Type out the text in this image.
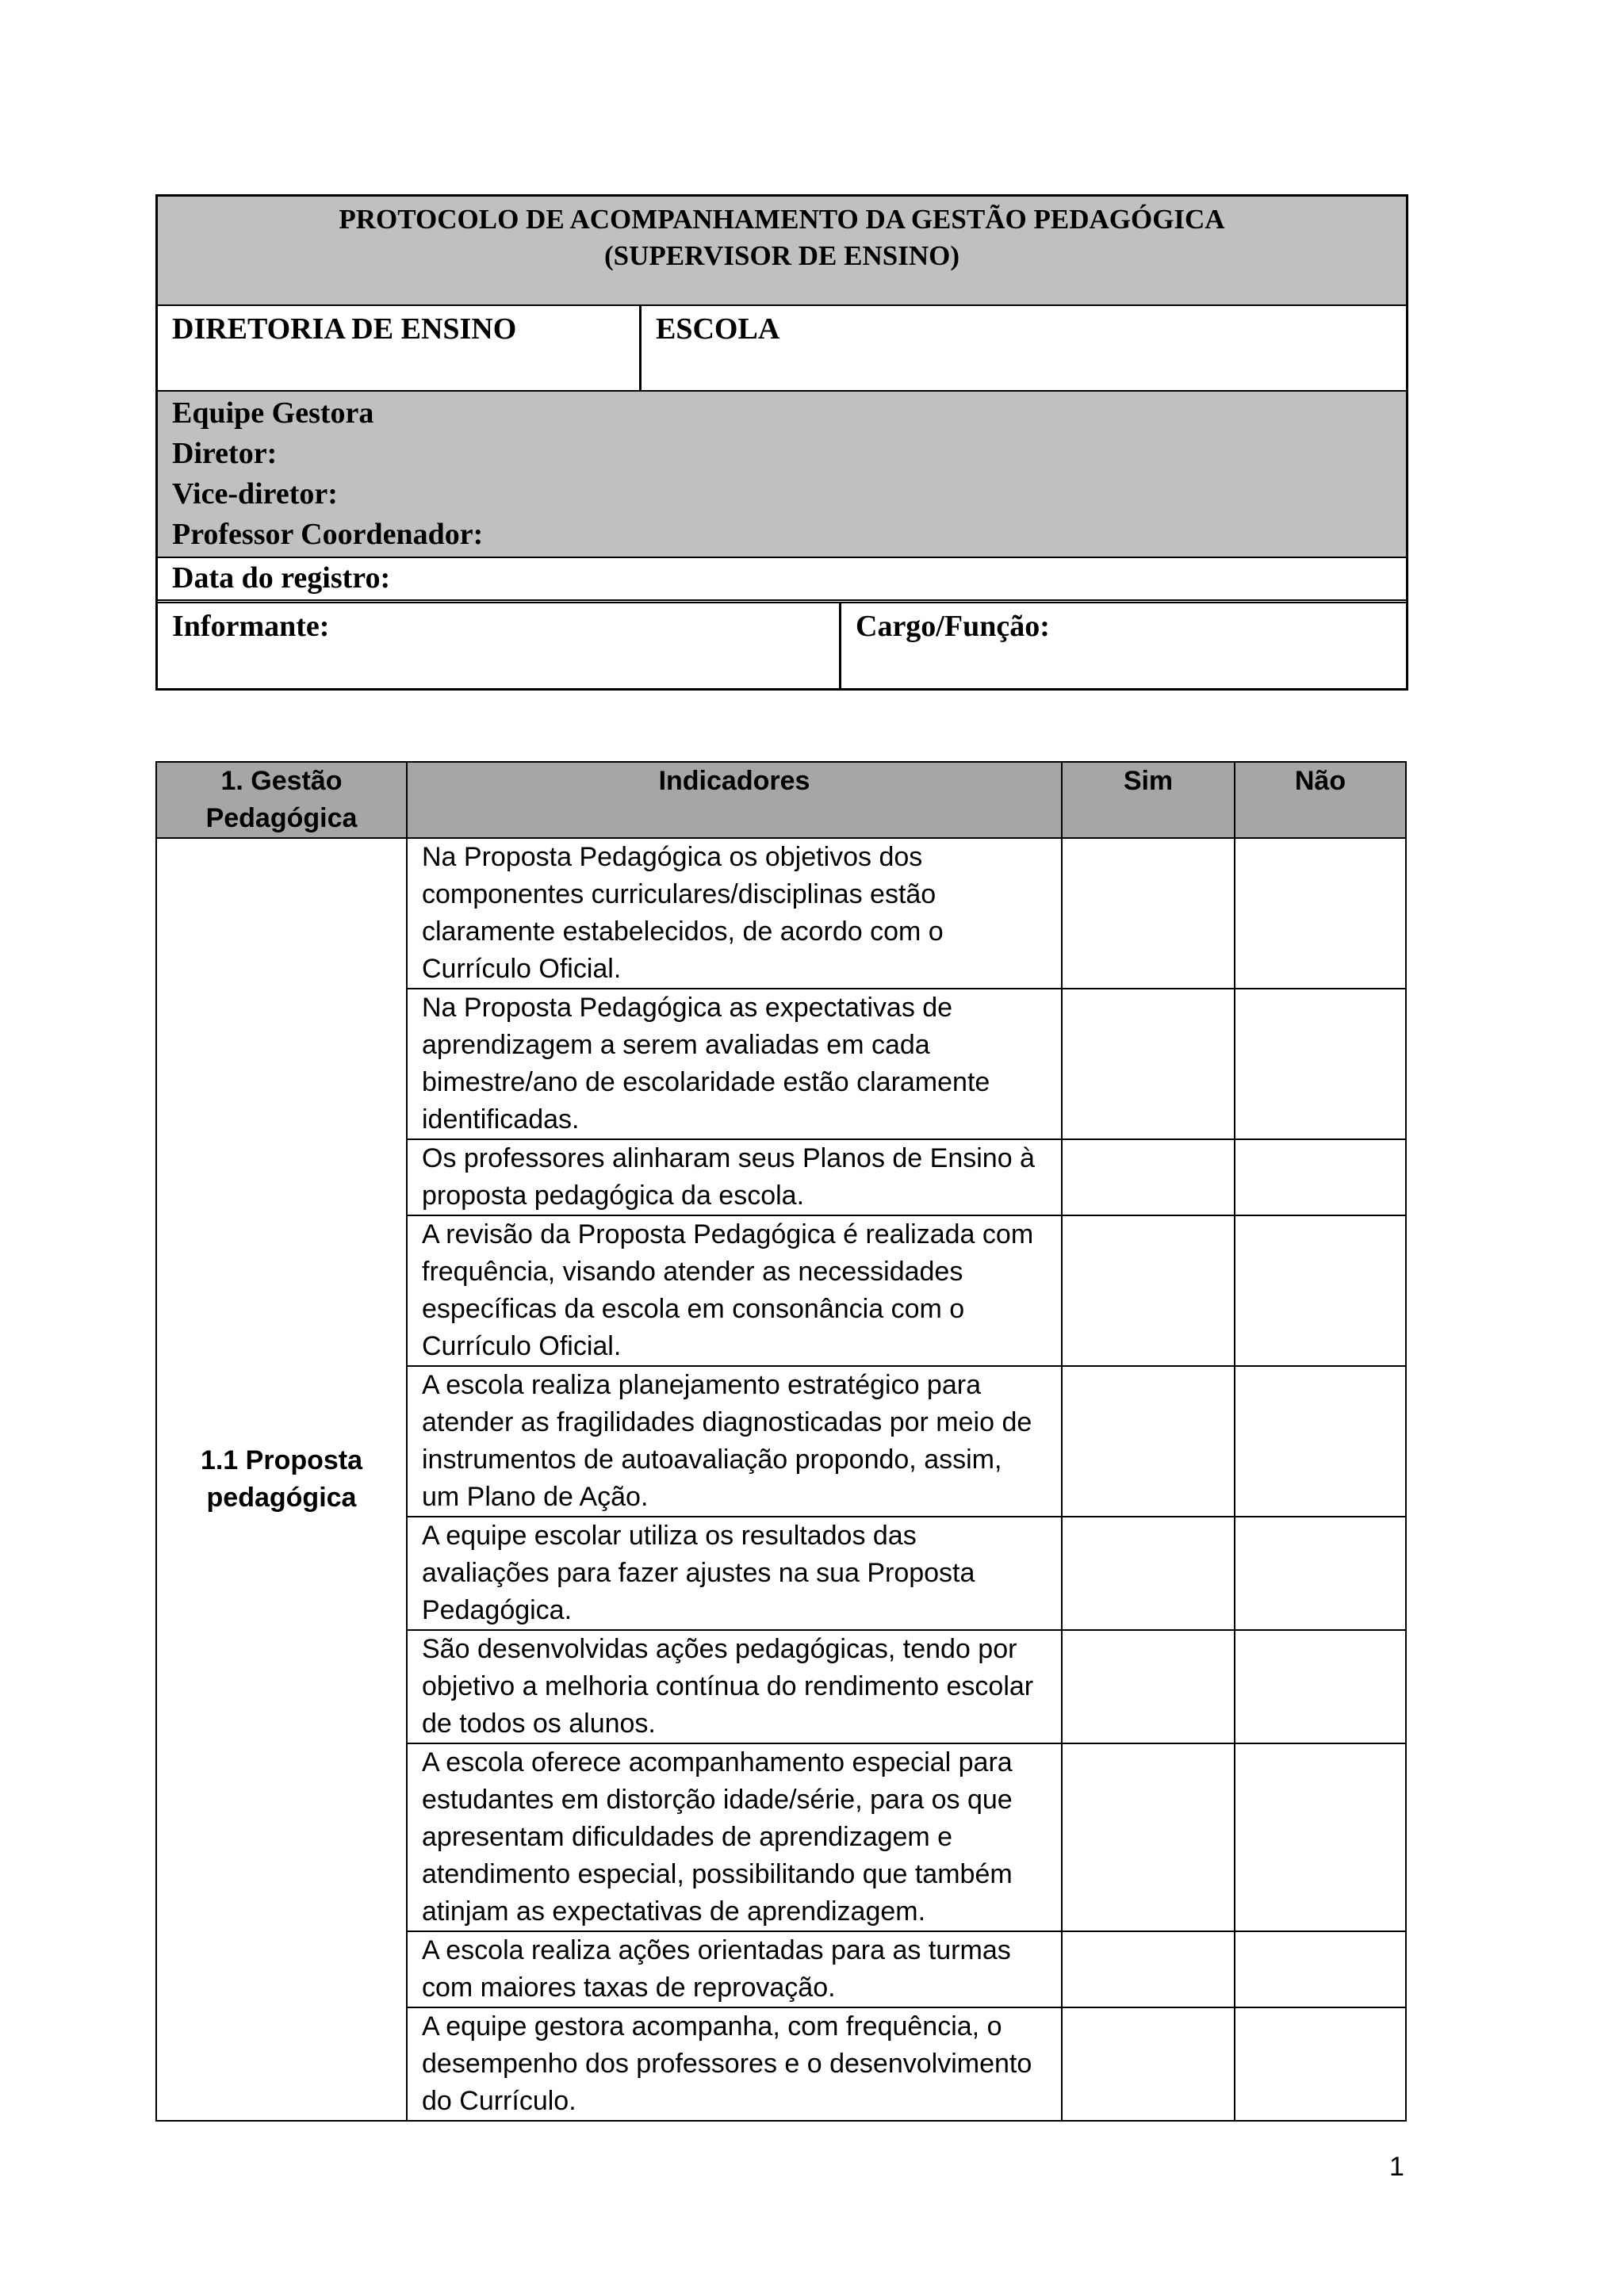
PROTOCOLO DE ACOMPANHAMENTO DA GESTÃO PEDAGÓGICA
(SUPERVISOR DE ENSINO)
DIRETORIA DE ENSINO	ESCOLA
Equipe Gestora
Diretor:
Vice-diretor:
Professor Coordenador:
Data do registro:
Informante:	Cargo/Função:
1. Gestão Pedagógica	Indicadores	Sim	Não
1.1 Proposta pedagógica	Na Proposta Pedagógica os objetivos dos componentes curriculares/disciplinas estão claramente estabelecidos, de acordo com o Currículo Oficial.		
	Na Proposta Pedagógica as expectativas de aprendizagem a serem avaliadas em cada bimestre/ano de escolaridade estão claramente identificadas.		
	Os professores alinharam seus Planos de Ensino à proposta pedagógica da escola.		
	A revisão da Proposta Pedagógica é realizada com frequência, visando atender as necessidades específicas da escola em consonância com o Currículo Oficial.		
	A escola realiza planejamento estratégico para atender as fragilidades diagnosticadas por meio de instrumentos de autoavaliação propondo, assim, um Plano de Ação.		
	A equipe escolar utiliza os resultados das avaliações para fazer ajustes na sua Proposta Pedagógica.		
	São desenvolvidas ações pedagógicas, tendo por objetivo a melhoria contínua do rendimento escolar de todos os alunos.		
	A escola oferece acompanhamento especial para estudantes em distorção idade/série, para os que apresentam dificuldades de aprendizagem e atendimento especial, possibilitando que também atinjam as expectativas de aprendizagem.		
	A escola realiza ações orientadas para as turmas com maiores taxas de reprovação.		
	A equipe gestora acompanha, com frequência, o desempenho dos professores e o desenvolvimento do Currículo.		
1
